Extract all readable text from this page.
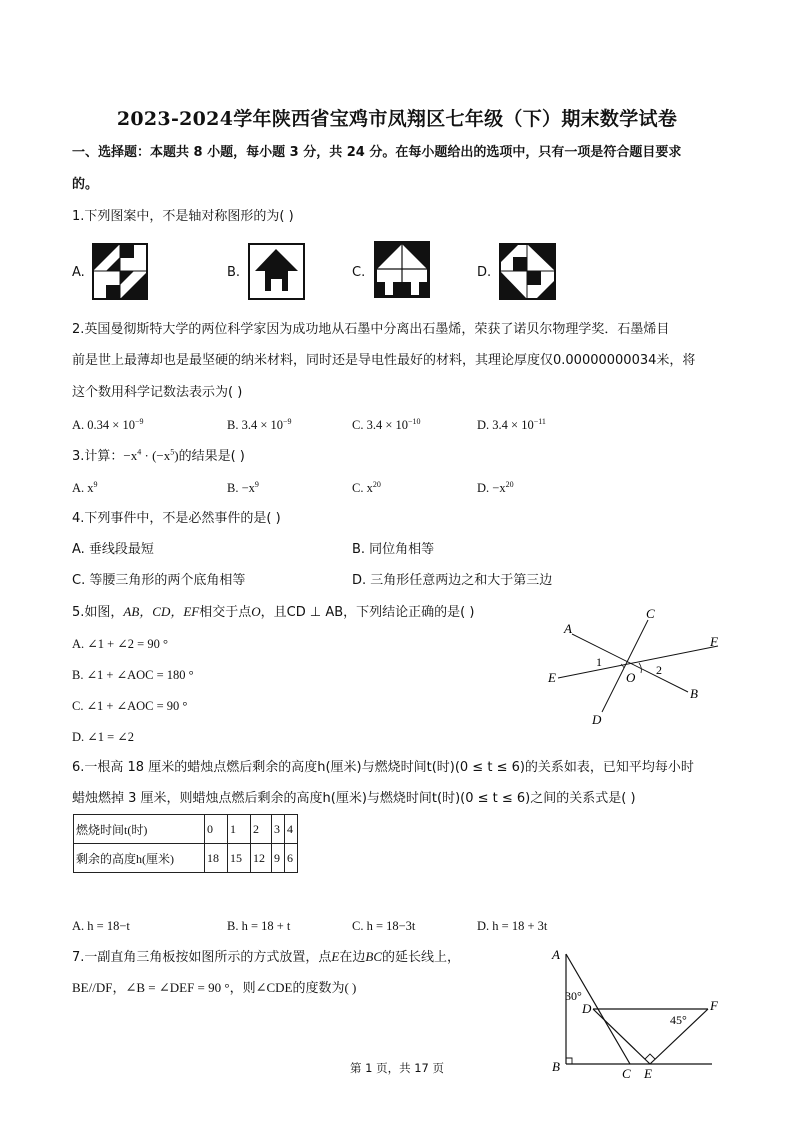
2023-2024学年陕西省宝鸡市凤翔区七年级（下）期末数学试卷
一、选择题：本题共 8 小题，每小题 3 分，共 24 分。在每小题给出的选项中，只有一项是符合题目要求
的。
1.下列图案中，不是轴对称图形的为( )
A.	B.	C.	D.
2.英国曼彻斯特大学的两位科学家因为成功地从石墨中分离出石墨烯，荣获了诺贝尔物理学奖．石墨烯目
前是世上最薄却也是最坚硬的纳米材料，同时还是导电性最好的材料，其理论厚度仅0.00000000034米，将
这个数用科学记数法表示为( )
A. $0.34 \times 10^{-9}$	B. $3.4 \times 10^{-9}$	C. $3.4 \times 10^{-10}$	D. $3.4 \times 10^{-11}$
3.计算：$-x^4 \cdot (-x^5)$的结果是( )
A. $x^9$	B. $-x^9$	C. $x^{20}$	D. $-x^{20}$
4.下列事件中，不是必然事件的是( )
A. 垂线段最短	B. 同位角相等
C. 等腰三角形的两个底角相等	D. 三角形任意两边之和大于第三边
5.如图，AB，CD，EF相交于点O，且CD ⊥ AB，下列结论正确的是( )
A. ∠1 + ∠2 = 90 °
B. ∠1 + ∠AOC = 180 °
C. ∠1 + ∠AOC = 90 °
D. ∠1 = ∠2
A
B
C
D
E
F
O
1
2
6.一根高 18 厘米的蜡烛点燃后剩余的高度h(厘米)与燃烧时间t(时)(0 ≤ t ≤ 6)的关系如表，已知平均每小时
蜡烛燃掉 3 厘米，则蜡烛点燃后剩余的高度h(厘米)与燃烧时间t(时)(0 ≤ t ≤ 6)之间的关系式是( )
燃烧时间t(时)	0	1	2	3	4
剩余的高度h(厘米)	18	15	12	9	6
A. h = 18−t	B. h = 18 + t	C. h = 18−3t	D. h = 18 + 3t
7.一副直角三角板按如图所示的方式放置，点E在边BC的延长线上，
BE//DF，∠B = ∠DEF = 90 °，则∠CDE的度数为( )
A
B	C
D
E
F
30°
45°
第 1 页，共 17 页
